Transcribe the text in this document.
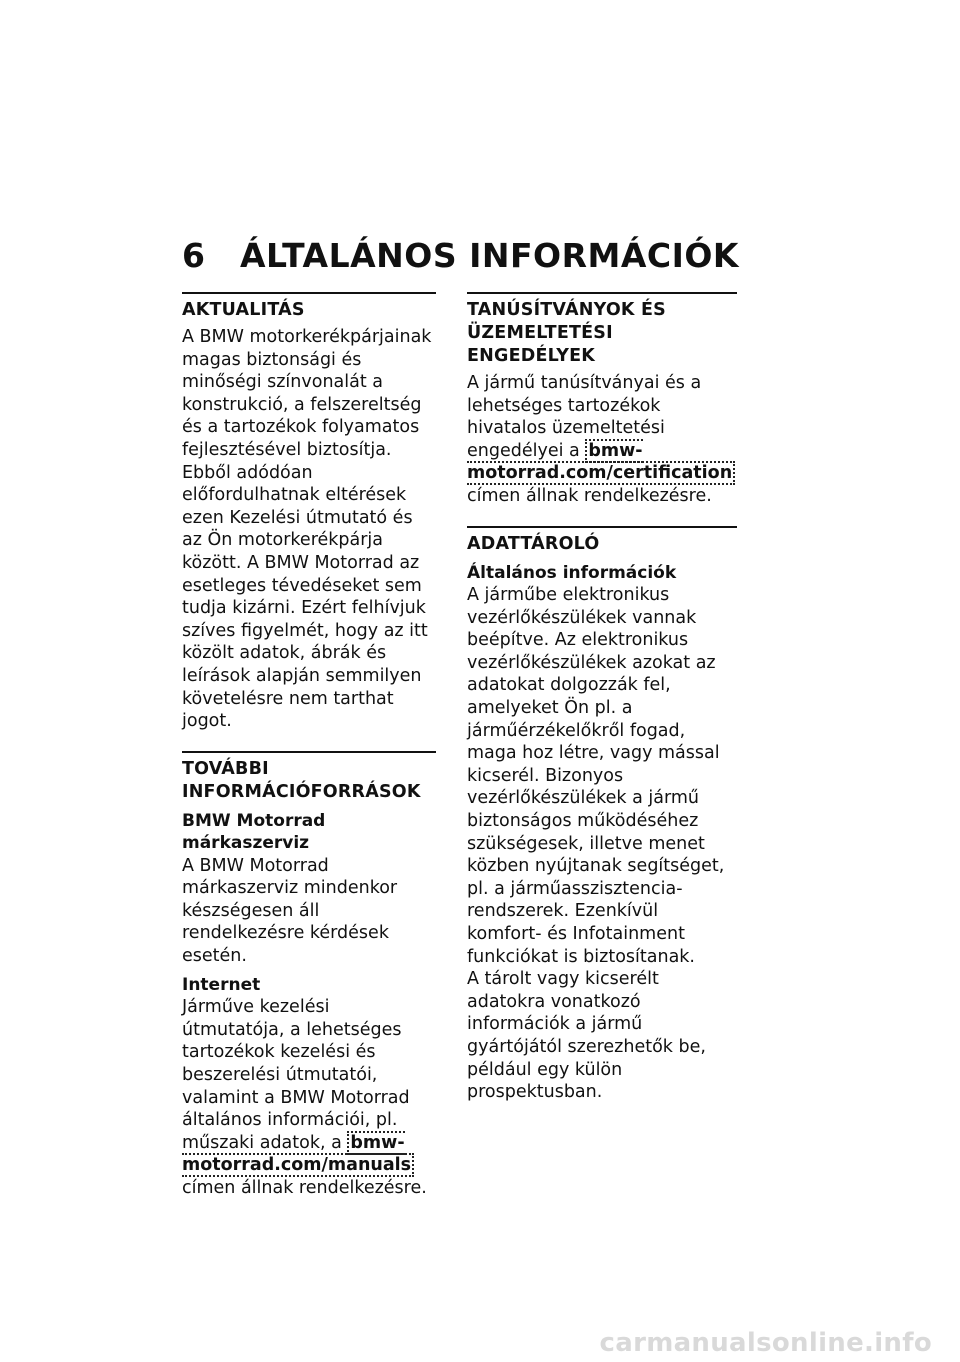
6 ÁLTALÁNOS INFORMÁCIÓK
AKTUALITÁS

A BMW motorkerékpárjainak magas biztonsági és minőségi színvonalát a konstrukció, a felszereltség és a tartozékok folyamatos fejlesztésével biztosítja. Ebből adódóan előfordulhatnak eltérések ezen Kezelési útmutató és az Ön motorkerékpárja között. A BMW Motorrad az esetleges tévedéseket sem tudja kizárni. Ezért felhívjuk szíves figyelmét, hogy az itt közölt adatok, ábrák és leírások alapján semmilyen követelésre nem tarthat jogot.

TOVÁBBI INFORMÁCIÓFORRÁSOK
BMW Motorrad márkaszerviz

A BMW Motorrad márkaszerviz mindenkor készségesen áll rendelkezésre kérdések esetén.

Internet

Járműve kezelési útmutatója, a lehetséges tartozékok kezelési és beszerelési útmutatói, valamint a BMW Motorrad általános információi, pl. műszaki adatok, a bmw-motorrad.com/manuals címen állnak rendelkezésre.

TANÚSÍTVÁNYOK ÉS ÜZEMELTETÉSI ENGEDÉLYEK

A jármű tanúsítványai és a lehetséges tartozékok hivatalos üzemeltetési engedélyei a bmw-motorrad.com/certification címen állnak rendelkezésre.

ADATTÁROLÓ
Általános információk

A járműbe elektronikus vezérlőkészülékek vannak beépítve. Az elektronikus vezérlőkészülékek azokat az adatokat dolgozzák fel, amelyeket Ön pl. a járműérzékelőkről fogad, maga hoz létre, vagy mással kicserél. Bizonyos vezérlőkészülékek a jármű biztonságos működéséhez szükségesek, illetve menet közben nyújtanak segítséget, pl. a járműasszisztencia-rendszerek. Ezenkívül komfort- és Infotainment funkciókat is biztosítanak.

A tárolt vagy kicserélt adatokra vonatkozó információk a jármű gyártójától szerezhetők be, például egy külön prospektusban.

carmanualsonline.info
